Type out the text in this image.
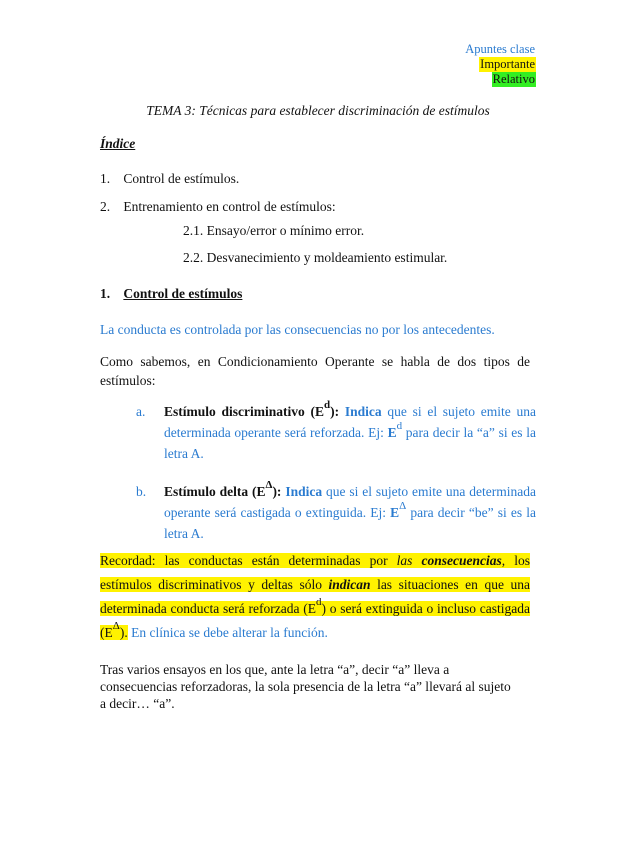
Apuntes clase
Importante
Relativo
TEMA 3: Técnicas para establecer discriminación de estímulos
Índice
1. Control de estímulos.
2. Entrenamiento en control de estímulos:
2.1. Ensayo/error o mínimo error.
2.2. Desvanecimiento y moldeamiento estimular.
1. Control de estímulos
La conducta es controlada por las consecuencias no por los antecedentes.
Como sabemos, en Condicionamiento Operante se habla de dos tipos de estímulos:
a. Estímulo discriminativo $(E^d)$: Indica que si el sujeto emite una determinada operante será reforzada. Ej: $E^d$ para decir la “a” si es la letra A.
b. Estímulo delta $(E^\Delta)$: Indica que si el sujeto emite una determinada operante será castigada o extinguida. Ej: $E^\Delta$ para decir “be” si es la letra A.
Recordad: las conductas están determinadas por las consecuencias, los estímulos discriminativos y deltas sólo indican las situaciones en que una determinada conducta será reforzada $(E^d)$ o será extinguida o incluso castigada $(E^\Delta)$. En clínica se debe alterar la función.
Tras varios ensayos en los que, ante la letra “a”, decir “a” lleva a consecuencias reforzadoras, la sola presencia de la letra “a” llevará al sujeto a decir… “a”.
